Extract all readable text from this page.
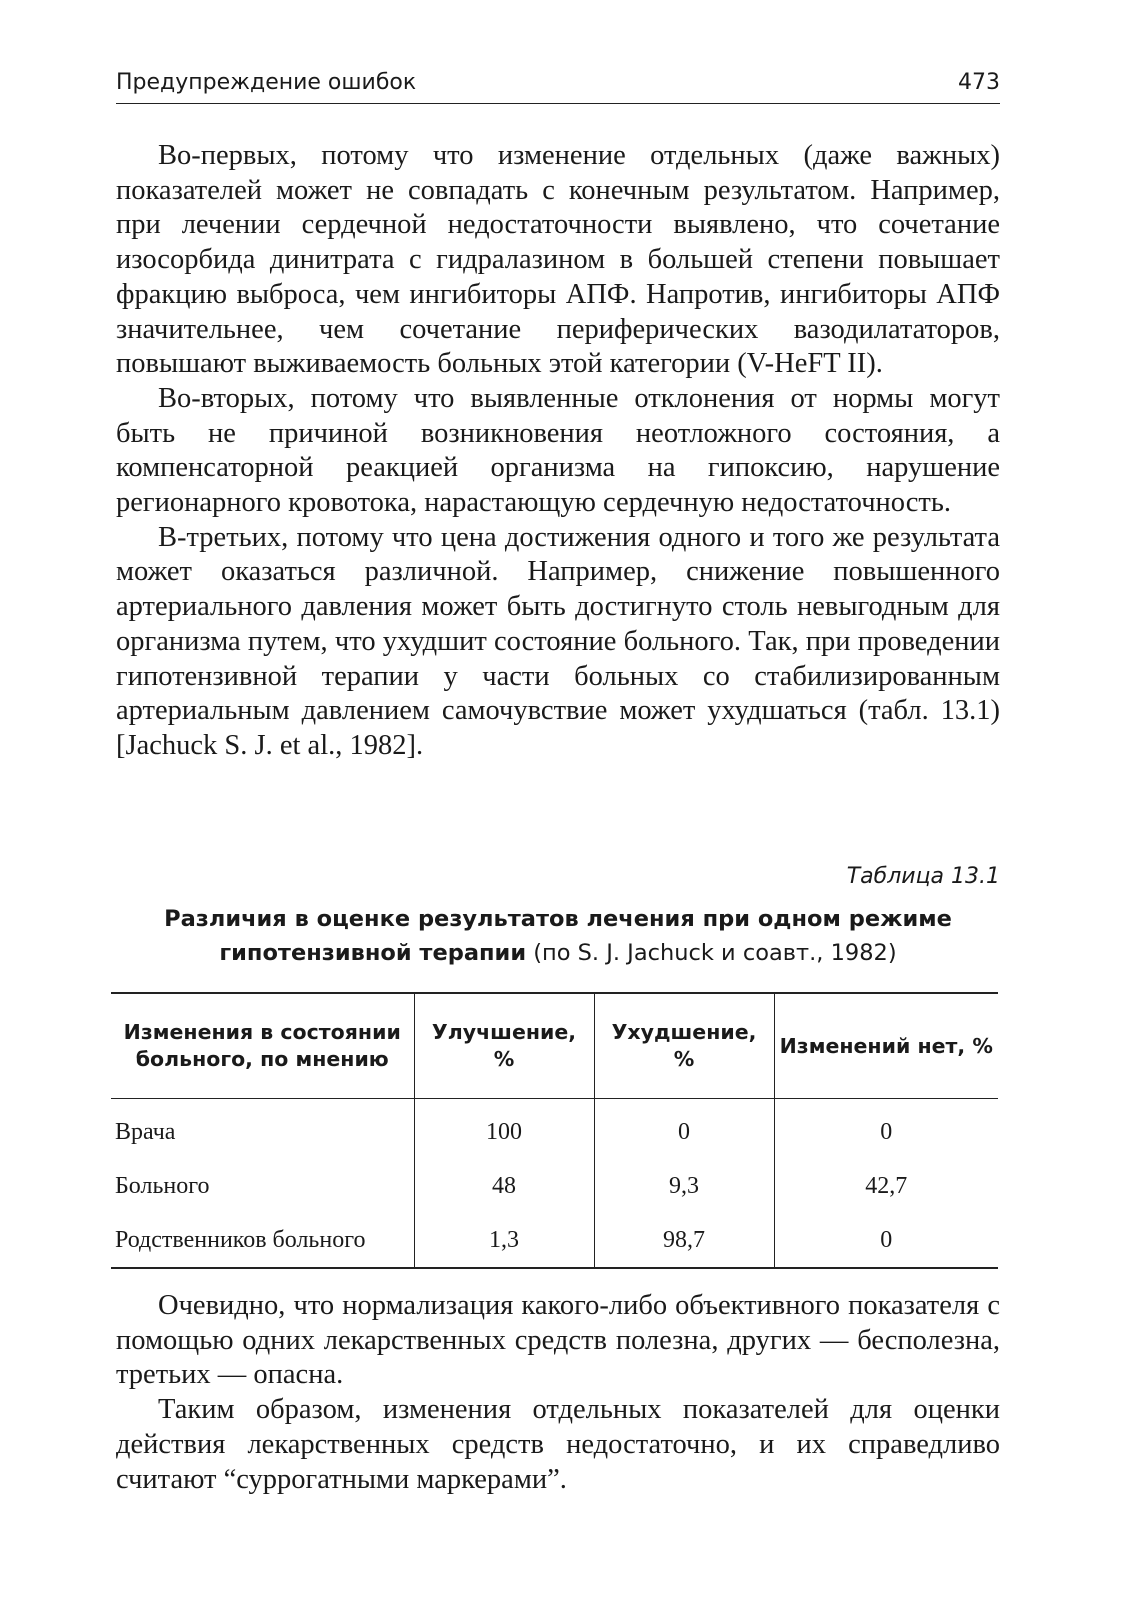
Предупреждение ошибок	473

Во-первых, потому что изменение отдельных (даже важных) показателей может не совпадать с конечным результатом. Например, при лечении сердечной недостаточности выявлено, что сочетание изосорбида динитрата с гидралазином в большей степени повышает фракцию выброса, чем ингибиторы АПФ. Напротив, ингибиторы АПФ значительнее, чем сочетание периферических вазодилататоров, повышают выживаемость больных этой категории (V-HeFT II).

Во-вторых, потому что выявленные отклонения от нормы могут быть не причиной возникновения неотложного состояния, а компенсаторной реакцией организма на гипоксию, нарушение регионарного кровотока, нарастающую сердечную недостаточность.

В-третьих, потому что цена достижения одного и того же результата может оказаться различной. Например, снижение повышенного артериального давления может быть достигнуто столь невыгодным для организма путем, что ухудшит состояние больного. Так, при проведении гипотензивной терапии у части больных со стабилизированным артериальным давлением самочувствие может ухудшаться (табл. 13.1) [Jachuck S. J. et al., 1982].

Таблица 13.1
Различия в оценке результатов лечения при одном режиме гипотензивной терапии (по S. J. Jachuck и соавт., 1982)
Изменения в состоянии больного, по мнению	Улучшение, %	Ухудшение, %	Изменений нет, %
Врача	100	0	0
Больного	48	9,3	42,7
Родственников больного	1,3	98,7	0

Очевидно, что нормализация какого-либо объективного показателя с помощью одних лекарственных средств полезна, других — бесполезна, третьих — опасна.

Таким образом, изменения отдельных показателей для оценки действия лекарственных средств недостаточно, и их справедливо считают “суррогатными маркерами”.
